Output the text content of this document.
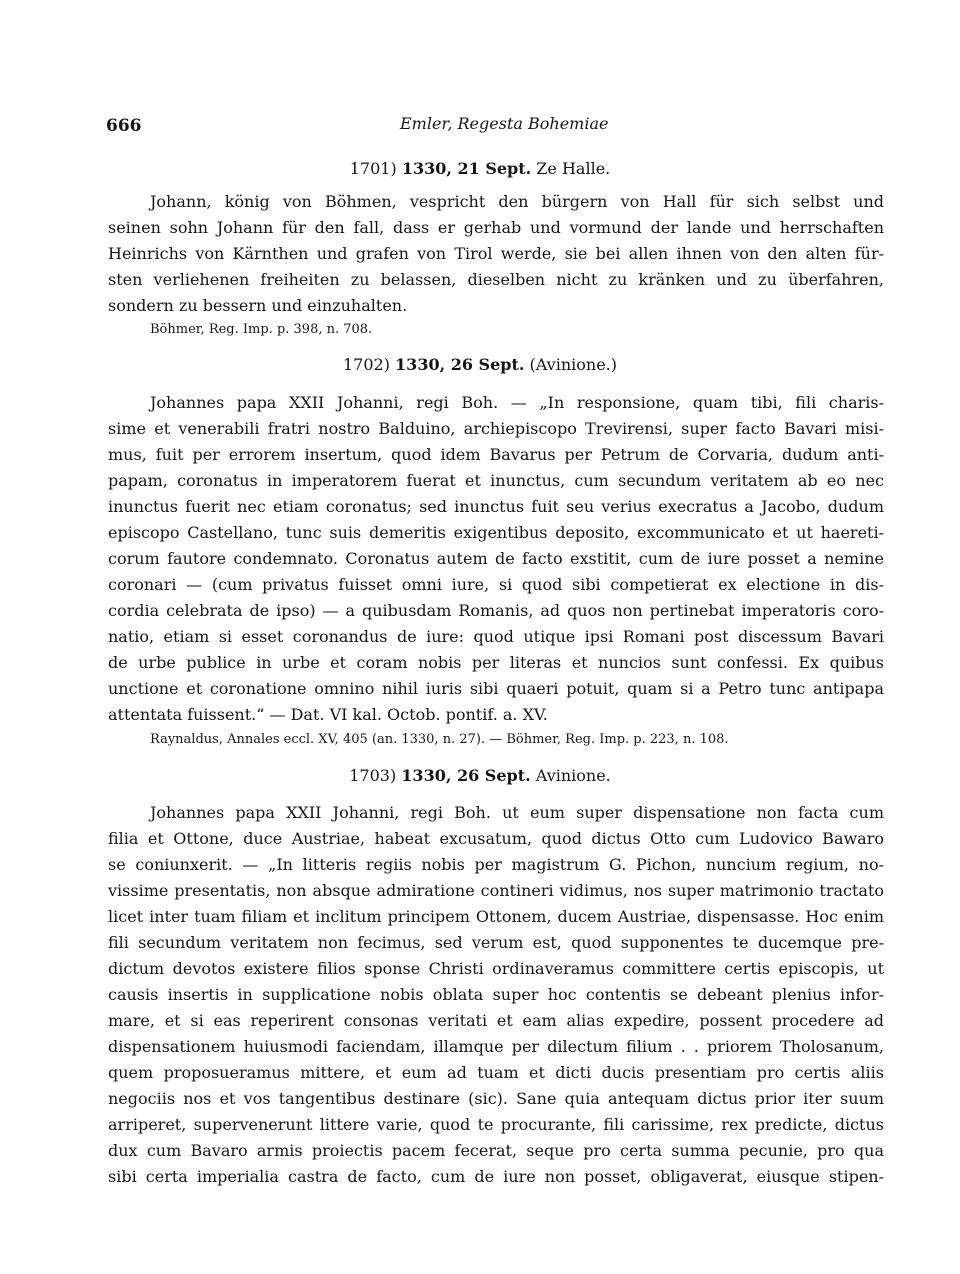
666	Emler, Regesta Bohemiae
1701) 1330, 21 Sept. Ze Halle.
Johann, könig von Böhmen, vespricht den bürgern von Hall für sich selbst und
seinen sohn Johann für den fall, dass er gerhab und vormund der lande und herrschaften
Heinrichs von Kärnthen und grafen von Tirol werde, sie bei allen ihnen von den alten für-
sten verliehenen freiheiten zu belassen, dieselben nicht zu kränken und zu überfahren,
sondern zu bessern und einzuhalten.
Böhmer, Reg. Imp. p. 398, n. 708.
1702) 1330, 26 Sept. (Avinione.)
Johannes papa XXII Johanni, regi Boh. — „In responsione, quam tibi, fili charis-
sime et venerabili fratri nostro Balduino, archiepiscopo Trevirensi, super facto Bavari misi-
mus, fuit per errorem insertum, quod idem Bavarus per Petrum de Corvaria, dudum anti-
papam, coronatus in imperatorem fuerat et inunctus, cum secundum veritatem ab eo nec
inunctus fuerit nec etiam coronatus; sed inunctus fuit seu verius execratus a Jacobo, dudum
episcopo Castellano, tunc suis demeritis exigentibus deposito, excommunicato et ut haereti-
corum fautore condemnato. Coronatus autem de facto exstitit, cum de iure posset a nemine
coronari — (cum privatus fuisset omni iure, si quod sibi competierat ex electione in dis-
cordia celebrata de ipso) — a quibusdam Romanis, ad quos non pertinebat imperatoris coro-
natio, etiam si esset coronandus de iure: quod utique ipsi Romani post discessum Bavari
de urbe publice in urbe et coram nobis per literas et nuncios sunt confessi. Ex quibus
unctione et coronatione omnino nihil iuris sibi quaeri potuit, quam si a Petro tunc antipapa
attentata fuissent.“ — Dat. VI kal. Octob. pontif. a. XV.
Raynaldus, Annales eccl. XV, 405 (an. 1330, n. 27). — Böhmer, Reg. Imp. p. 223, n. 108.
1703) 1330, 26 Sept. Avinione.
Johannes papa XXII Johanni, regi Boh. ut eum super dispensatione non facta cum
filia et Ottone, duce Austriae, habeat excusatum, quod dictus Otto cum Ludovico Bawaro
se coniunxerit. — „In litteris regiis nobis per magistrum G. Pichon, nuncium regium, no-
vissime presentatis, non absque admiratione contineri vidimus, nos super matrimonio tractato
licet inter tuam filiam et inclitum principem Ottonem, ducem Austriae, dispensasse. Hoc enim
fili secundum veritatem non fecimus, sed verum est, quod supponentes te ducemque pre-
dictum devotos existere filios sponse Christi ordinaveramus committere certis episcopis, ut
causis insertis in supplicatione nobis oblata super hoc contentis se debeant plenius infor-
mare, et si eas reperirent consonas veritati et eam alias expedire, possent procedere ad
dispensationem huiusmodi faciendam, illamque per dilectum filium . . priorem Tholosanum,
quem proposueramus mittere, et eum ad tuam et dicti ducis presentiam pro certis aliis
negociis nos et vos tangentibus destinare (sic). Sane quia antequam dictus prior iter suum
arriperet, supervenerunt littere varie, quod te procurante, fili carissime, rex predicte, dictus
dux cum Bavaro armis proiectis pacem fecerat, seque pro certa summa pecunie, pro qua
sibi certa imperialia castra de facto, cum de iure non posset, obligaverat, eiusque stipen-
